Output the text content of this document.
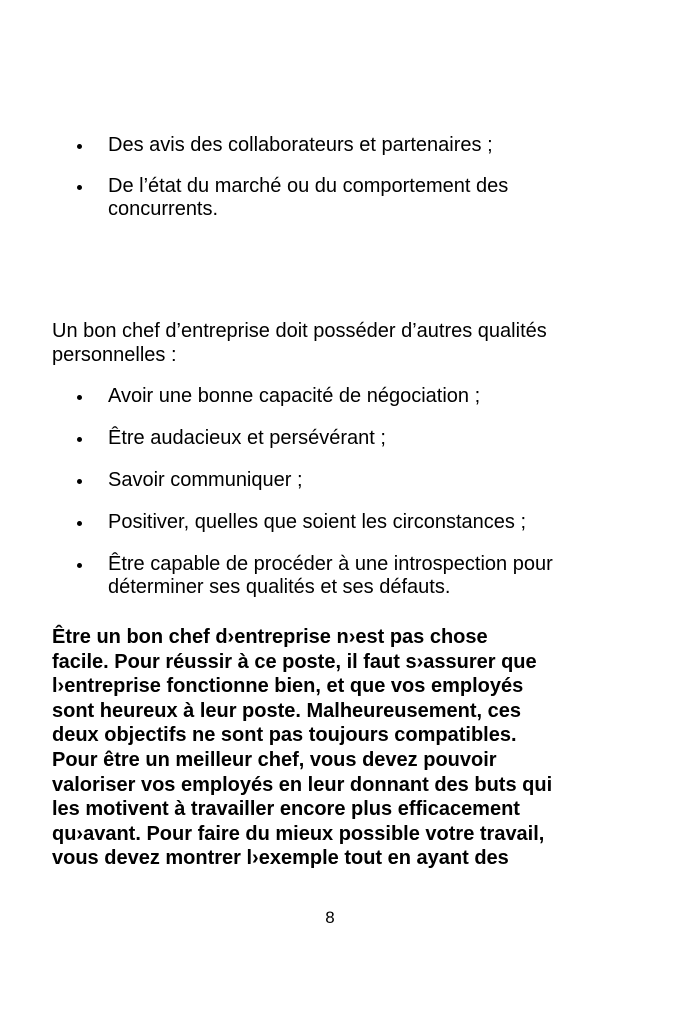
Des avis des collaborateurs et partenaires ;
De l’état du marché ou du comportement des concurrents.

Un bon chef d’entreprise doit posséder d’autres qualités personnelles :

Avoir une bonne capacité de négociation ;
Être audacieux et persévérant ;
Savoir communiquer ;
Positiver, quelles que soient les circonstances ;
Être capable de procéder à une introspection pour déterminer ses qualités et ses défauts.

Être un bon chef d›entreprise n›est pas chose
facile. Pour réussir à ce poste, il faut s›assurer que
l›entreprise fonctionne bien, et que vos employés
sont heureux à leur poste. Malheureusement, ces
deux objectifs ne sont pas toujours compatibles.
Pour être un meilleur chef, vous devez pouvoir
valoriser vos employés en leur donnant des buts qui
les motivent à travailler encore plus efficacement
qu›avant. Pour faire du mieux possible votre travail,
vous devez montrer l›exemple tout en ayant des

8
